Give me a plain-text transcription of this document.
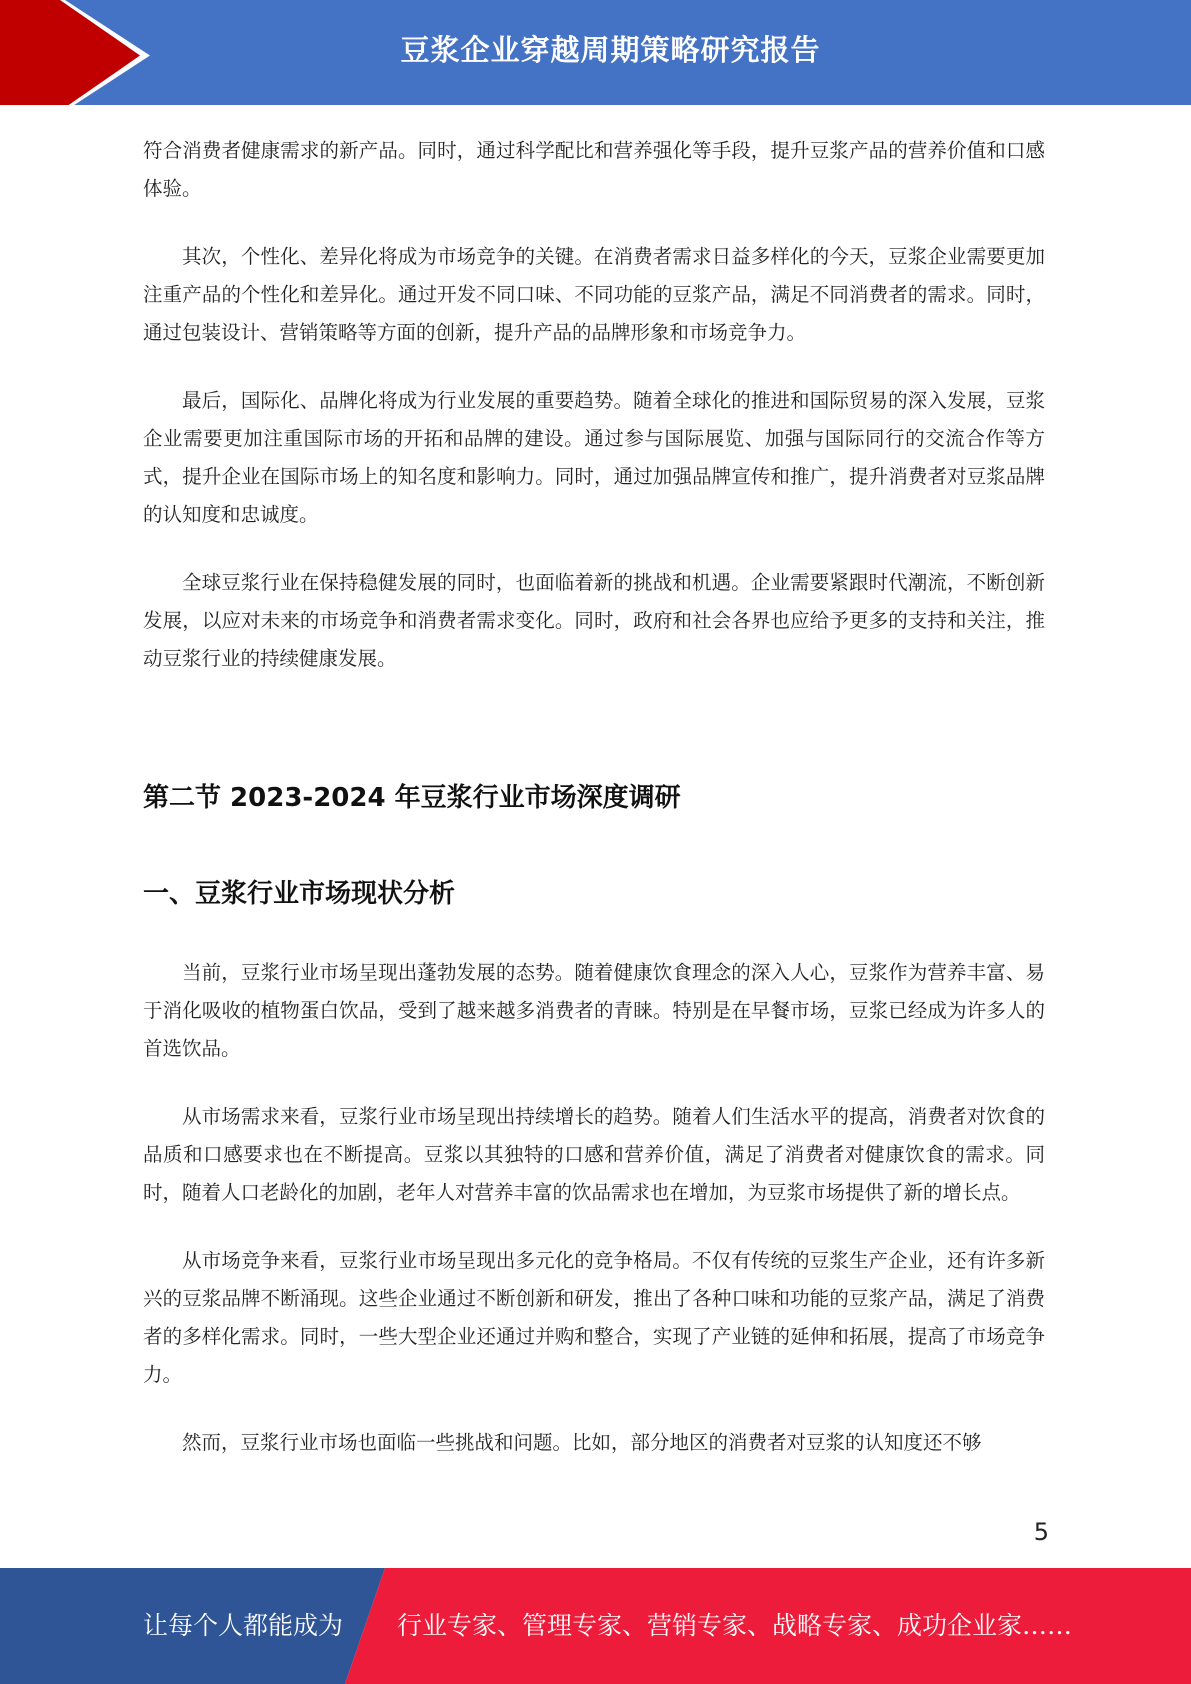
豆浆企业穿越周期策略研究报告

符合消费者健康需求的新产品。同时，通过科学配比和营养强化等手段，提升豆浆产品的营养价值和口感体验。

其次，个性化、差异化将成为市场竞争的关键。在消费者需求日益多样化的今天，豆浆企业需要更加注重产品的个性化和差异化。通过开发不同口味、不同功能的豆浆产品，满足不同消费者的需求。同时，通过包装设计、营销策略等方面的创新，提升产品的品牌形象和市场竞争力。

最后，国际化、品牌化将成为行业发展的重要趋势。随着全球化的推进和国际贸易的深入发展，豆浆企业需要更加注重国际市场的开拓和品牌的建设。通过参与国际展览、加强与国际同行的交流合作等方式，提升企业在国际市场上的知名度和影响力。同时，通过加强品牌宣传和推广，提升消费者对豆浆品牌的认知度和忠诚度。

全球豆浆行业在保持稳健发展的同时，也面临着新的挑战和机遇。企业需要紧跟时代潮流，不断创新发展，以应对未来的市场竞争和消费者需求变化。同时，政府和社会各界也应给予更多的支持和关注，推动豆浆行业的持续健康发展。

第二节 2023-2024 年豆浆行业市场深度调研
一、豆浆行业市场现状分析

当前，豆浆行业市场呈现出蓬勃发展的态势。随着健康饮食理念的深入人心，豆浆作为营养丰富、易于消化吸收的植物蛋白饮品，受到了越来越多消费者的青睐。特别是在早餐市场，豆浆已经成为许多人的首选饮品。

从市场需求来看，豆浆行业市场呈现出持续增长的趋势。随着人们生活水平的提高，消费者对饮食的品质和口感要求也在不断提高。豆浆以其独特的口感和营养价值，满足了消费者对健康饮食的需求。同时，随着人口老龄化的加剧，老年人对营养丰富的饮品需求也在增加，为豆浆市场提供了新的增长点。

从市场竞争来看，豆浆行业市场呈现出多元化的竞争格局。不仅有传统的豆浆生产企业，还有许多新兴的豆浆品牌不断涌现。这些企业通过不断创新和研发，推出了各种口味和功能的豆浆产品，满足了消费者的多样化需求。同时，一些大型企业还通过并购和整合，实现了产业链的延伸和拓展，提高了市场竞争力。

然而，豆浆行业市场也面临一些挑战和问题。比如，部分地区的消费者对豆浆的认知度还不够

5
让每个人都能成为 行业专家、管理专家、营销专家、战略专家、成功企业家……
